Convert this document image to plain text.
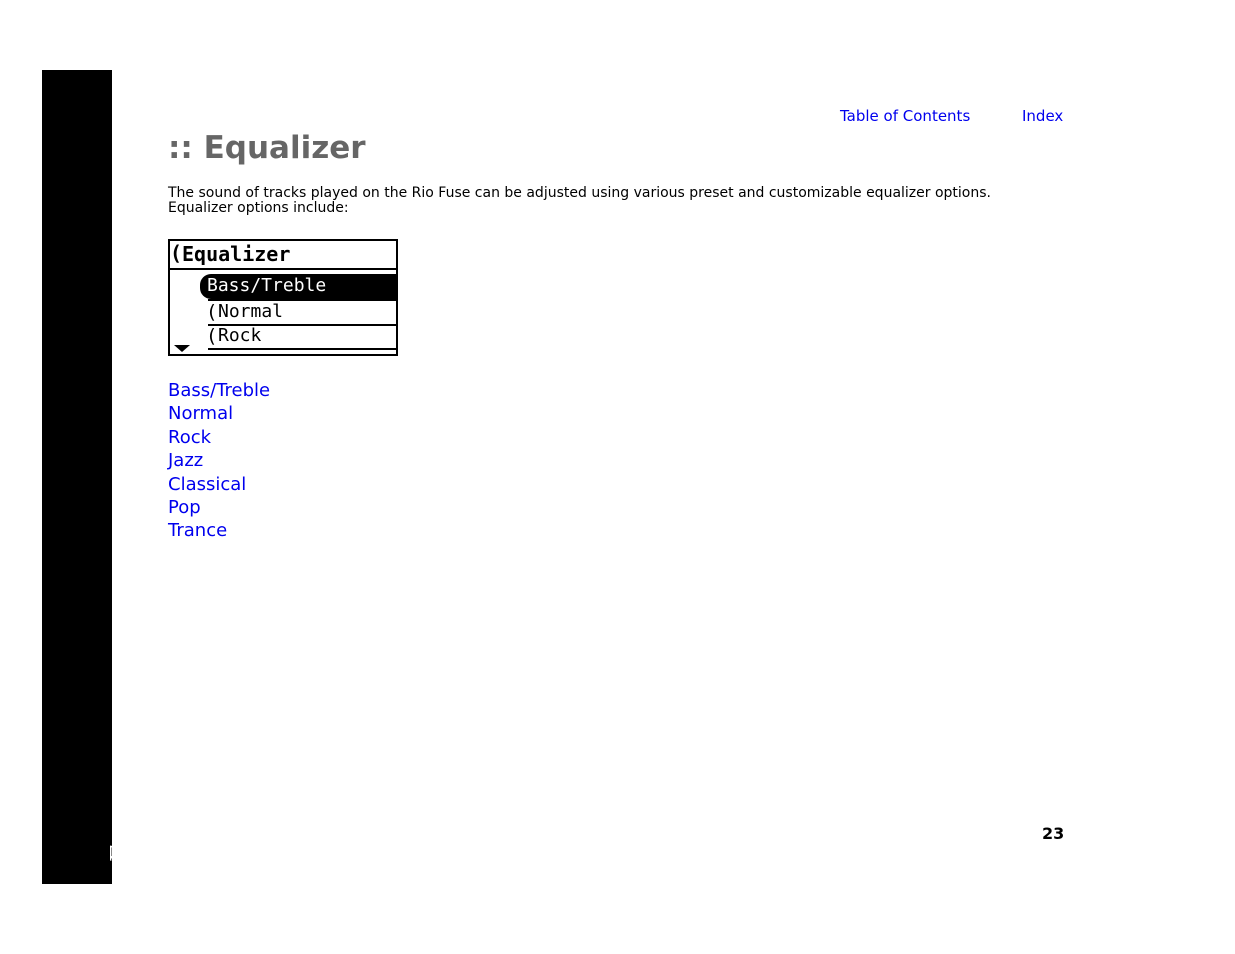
Rio Fuse
Table of Contents	Index
:: Equalizer

The sound of tracks played on the Rio Fuse can be adjusted using various preset and customizable equalizer options. Equalizer options include:

( Equalizer
Bass/Treble
( Normal
( Rock
Bass/Treble
Normal
Rock
Jazz
Classical
Pop
Trance
23
